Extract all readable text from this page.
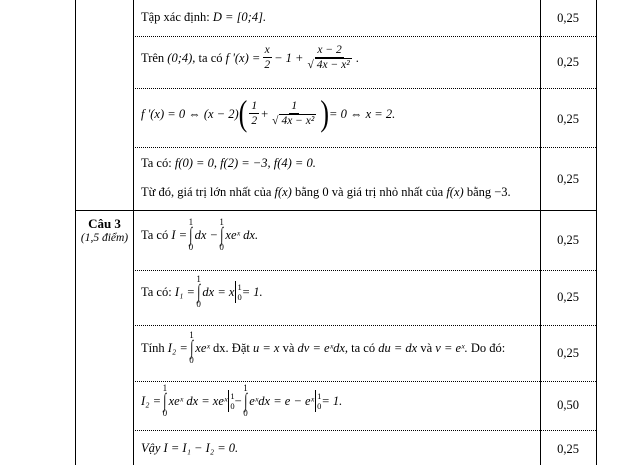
Câu 3
(1,5 điểm)
0,25
0,25
0,25
0,25
0,25
0,25
0,25
0,50
0,25
Tập xác định:
D = [0;4].
Trên
(0;4),
ta có
f '$(x) = \frac{x}{2} - 1 + \frac{x - 2}{\text{√ 4x − x²}}$ .
f '(x) = 0 ⇔ (x − 2) ( $\frac{1}{2} + \frac{1}{\text{√ 4x − x²}}$ ) = 0 ⇔ x = 2.
Ta có:
f(0) = 0, f(2) = −3, f(4) = 0.
Từ đó, giá trị lớn nhất của
f(x)
bằng 0 và giá trị nhỏ nhất của
f(x)
bằng −3.
Ta có
I =
1
∫
0
dx −
1
∫
0
xeˣ
dx.
Ta có:
I₁ =
1
∫
0
dx = x 1
0 = 1.
Tính
I₂ =
1
∫
0
xeˣ
dx. Đặt
u = x
và
dv = eˣdx,
ta có
du = dx
và
v = eˣ.
Do đó:
I₂ =
1
∫
0
xeˣ
dx = xeˣ 1
0 −
1
∫
0
eˣdx = e − eˣ 1
0 = 1.
Vậy I = I₁ − I₂ = 0.
